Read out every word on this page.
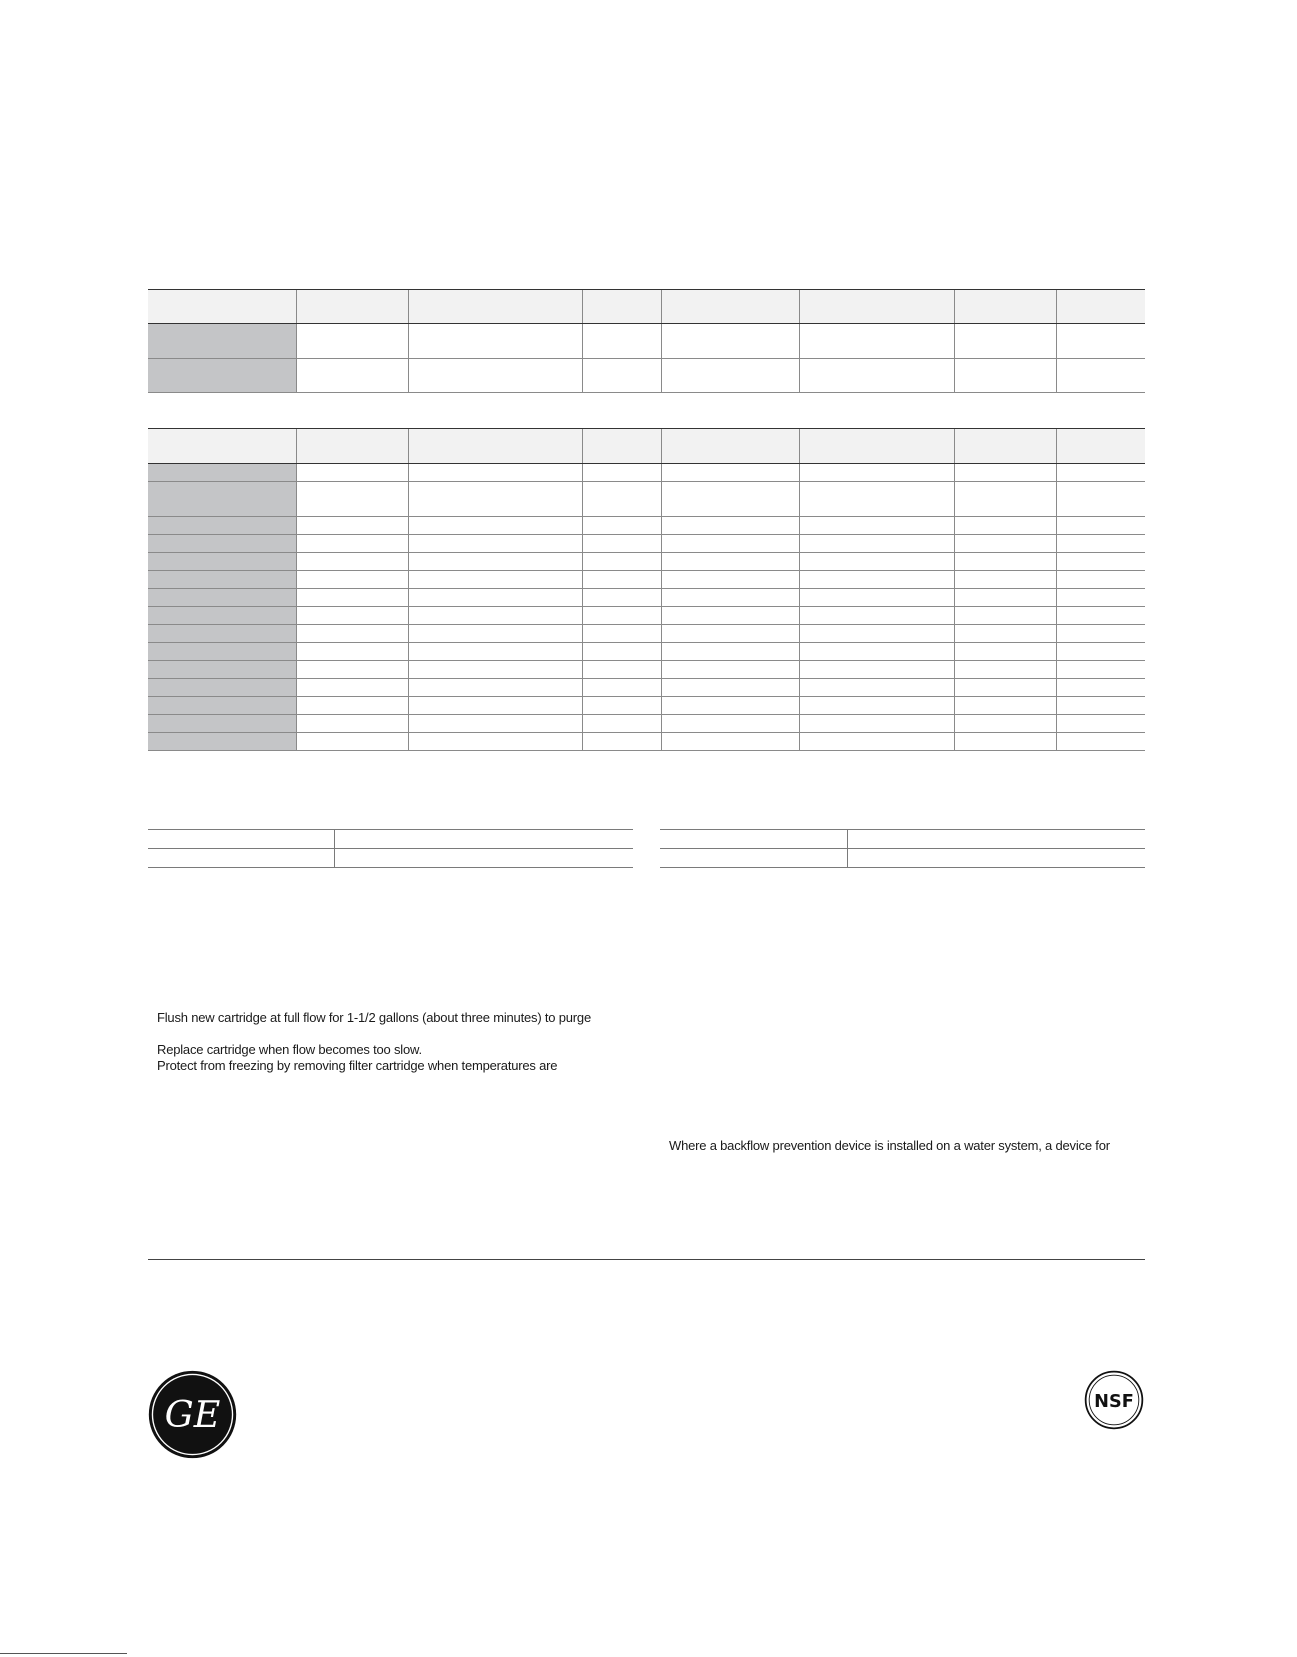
Flush new cartridge at full flow for 1-1/2 gallons (about three minutes) to purge
Replace cartridge when flow becomes too slow.
Protect from freezing by removing filter cartridge when temperatures are
Where a backflow prevention device is installed on a water system, a device for
GE	NSF
